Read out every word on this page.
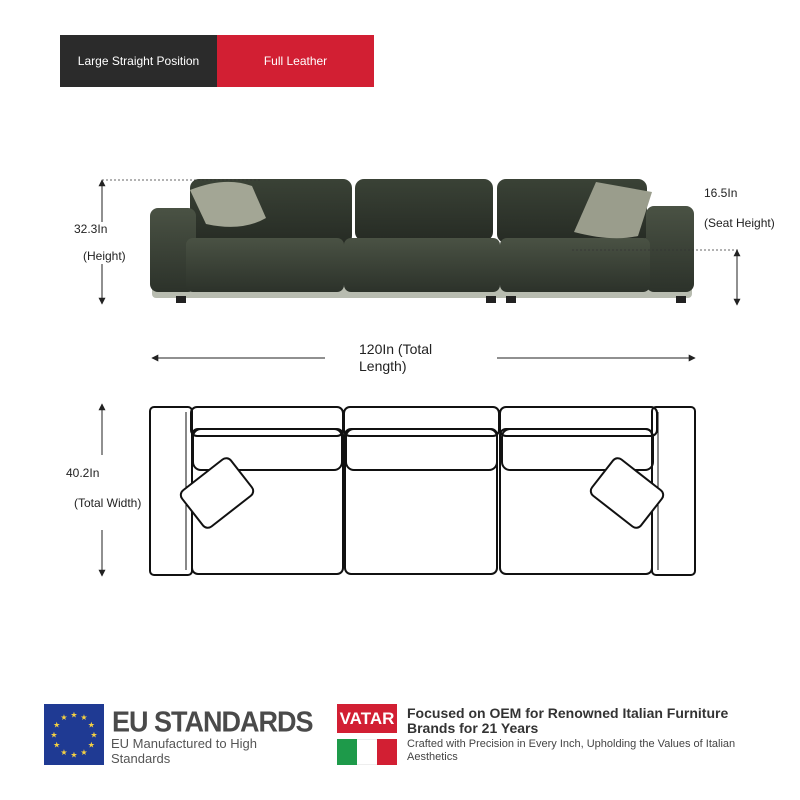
Large Straight Position	Full Leather
32.3In
(Height)
16.5In
(Seat Height)
120In (Total
Length)
40.2In
(Total Width)
★ ★
★
★
★
★
★
★
★
★
★
★ EU STANDARDS
EU Manufactured to High Standards
VATAR Focused on OEM for Renowned Italian Furniture Brands for 21 Years
Crafted with Precision in Every Inch, Upholding the Values of Italian Aesthetics
